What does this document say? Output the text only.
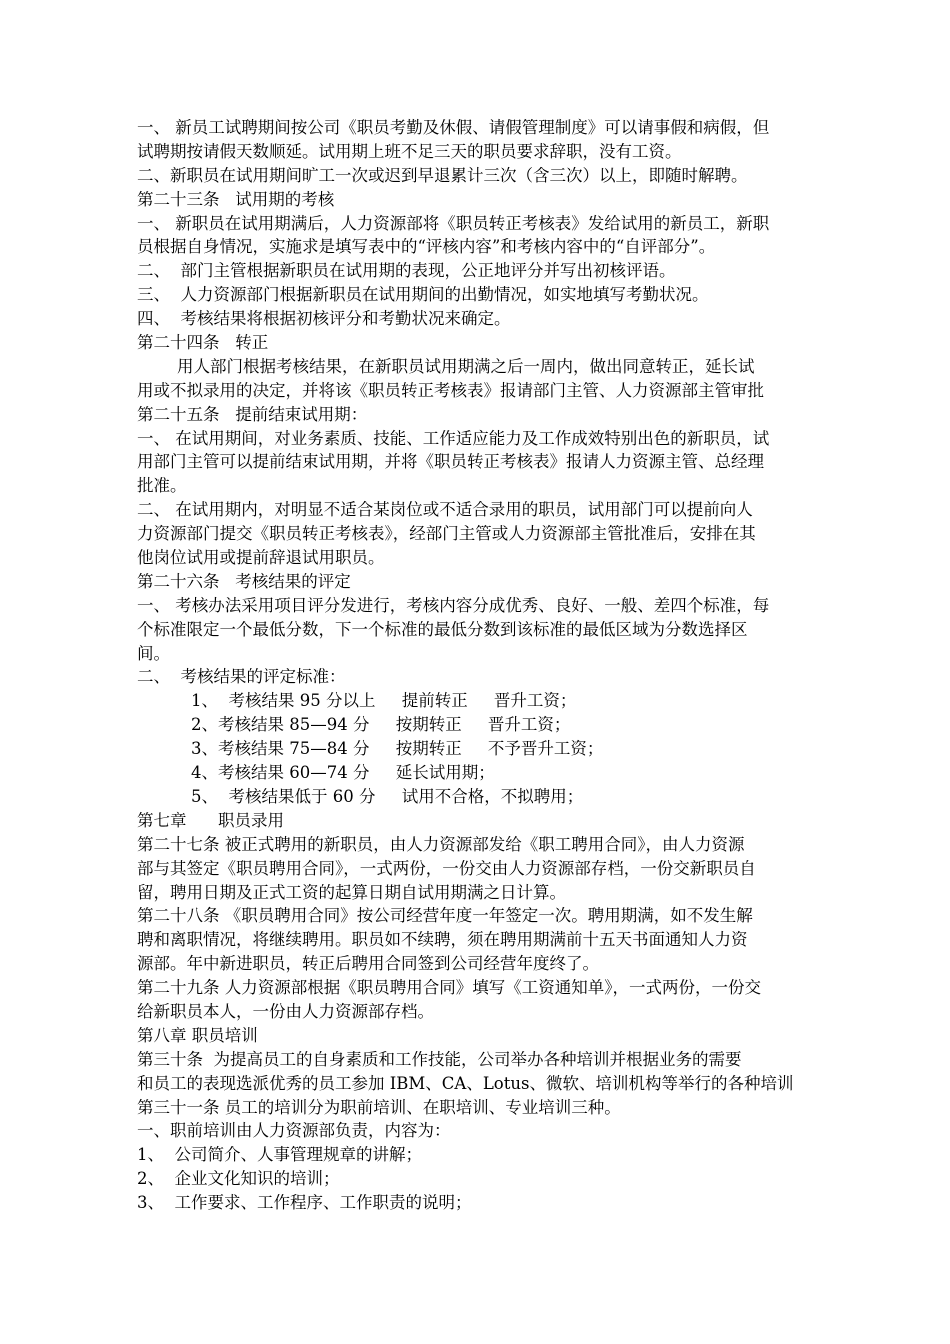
一、 新员工试聘期间按公司《职员考勤及休假、请假管理制度》可以请事假和病假，但
试聘期按请假天数顺延。试用期上班不足三天的职员要求辞职，没有工资。
二、新职员在试用期间旷工一次或迟到早退累计三次（含三次）以上，即随时解聘。
第二十三条   试用期的考核
一、 新职员在试用期满后，人力资源部将《职员转正考核表》发给试用的新员工，新职
员根据自身情况，实施求是填写表中的“评核内容”和考核内容中的“自评部分”。
二、  部门主管根据新职员在试用期的表现，公正地评分并写出初核评语。
三、  人力资源部门根据新职员在试用期间的出勤情况，如实地填写考勤状况。
四、  考核结果将根据初核评分和考勤状况来确定。
第二十四条   转正
用人部门根据考核结果，在新职员试用期满之后一周内，做出同意转正，延长试
用或不拟录用的决定，并将该《职员转正考核表》报请部门主管、人力资源部主管审批
第二十五条   提前结束试用期：
一、 在试用期间，对业务素质、技能、工作适应能力及工作成效特别出色的新职员，试
用部门主管可以提前结束试用期，并将《职员转正考核表》报请人力资源主管、总经理
批准。
二、 在试用期内，对明显不适合某岗位或不适合录用的职员，试用部门可以提前向人
力资源部门提交《职员转正考核表》，经部门主管或人力资源部主管批准后，安排在其
他岗位试用或提前辞退试用职员。
第二十六条   考核结果的评定
一、 考核办法采用项目评分发进行，考核内容分成优秀、良好、一般、差四个标准，每
个标准限定一个最低分数，下一个标准的最低分数到该标准的最低区域为分数选择区
间。
二、  考核结果的评定标准：
1、  考核结果 95 分以上     提前转正     晋升工资；
2、考核结果 85—94 分     按期转正     晋升工资；
3、考核结果 75—84 分     按期转正     不予晋升工资；
4、考核结果 60—74 分     延长试用期；
5、  考核结果低于 60 分     试用不合格，不拟聘用；
第七章      职员录用
第二十七条 被正式聘用的新职员，由人力资源部发给《职工聘用合同》，由人力资源
部与其签定《职员聘用合同》，一式两份，一份交由人力资源部存档，一份交新职员自
留，聘用日期及正式工资的起算日期自试用期满之日计算。
第二十八条 《职员聘用合同》按公司经营年度一年签定一次。聘用期满，如不发生解
聘和离职情况，将继续聘用。职员如不续聘，须在聘用期满前十五天书面通知人力资
源部。年中新进职员，转正后聘用合同签到公司经营年度终了。
第二十九条 人力资源部根据《职员聘用合同》填写《工资通知单》，一式两份，一份交
给新职员本人，一份由人力资源部存档。
第八章 职员培训
第三十条  为提高员工的自身素质和工作技能，公司举办各种培训并根据业务的需要
和员工的表现选派优秀的员工参加 IBM、CA、Lotus、微软、培训机构等举行的各种培训
第三十一条 员工的培训分为职前培训、在职培训、专业培训三种。
一、职前培训由人力资源部负责，内容为：
1、  公司简介、人事管理规章的讲解；
2、  企业文化知识的培训；
3、  工作要求、工作程序、工作职责的说明；
